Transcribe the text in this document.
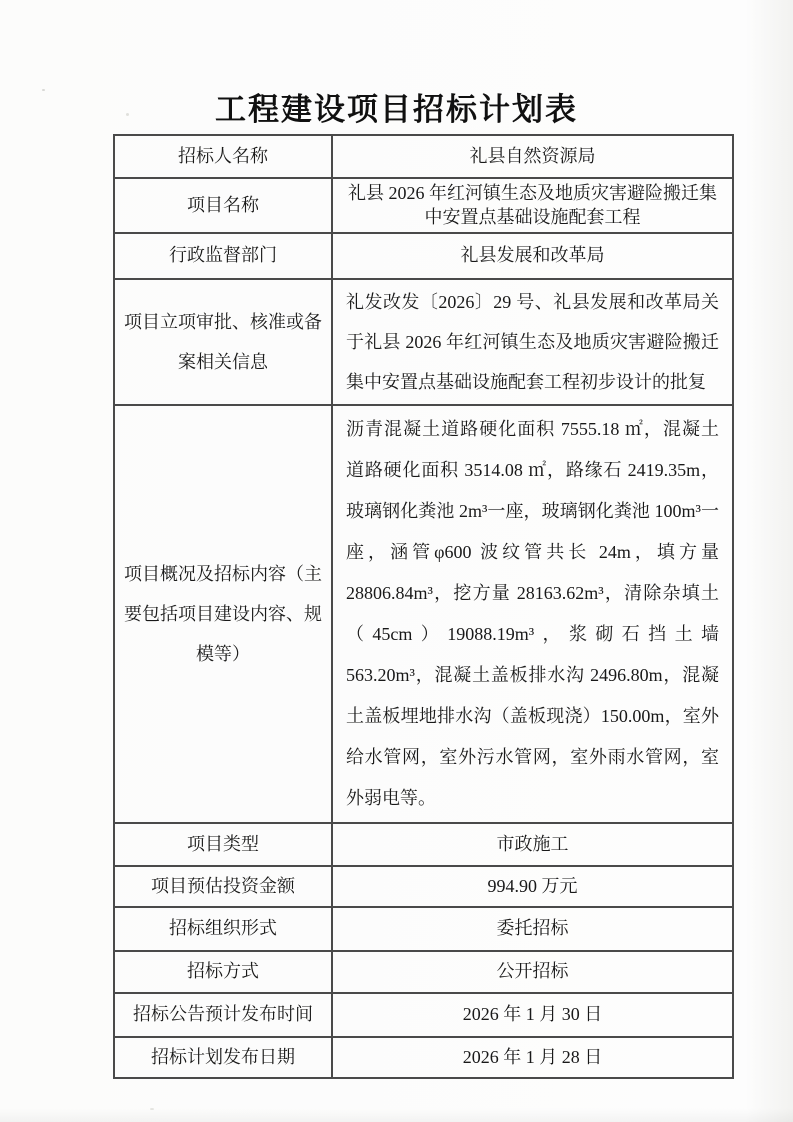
工程建设项目招标计划表
招标人名称	礼县自然资源局
项目名称	礼县 2026 年红河镇生态及地质灾害避险搬迁集中安置点基础设施配套工程
行政监督部门	礼县发展和改革局
项目立项审批、核准或备案相关信息	礼发改发〔2026〕29 号、礼县发展和改革局关于礼县 2026 年红河镇生态及地质灾害避险搬迁集中安置点基础设施配套工程初步设计的批复
项目概况及招标内容（主要包括项目建设内容、规模等）	沥青混凝土道路硬化面积 7555.18 ㎡，混凝土道路硬化面积 3514.08 ㎡，路缘石 2419.35m，玻璃钢化粪池 2m³一座，玻璃钢化粪池 100m³一座，涵管φ600 波纹管共长 24m，填方量 28806.84m³，挖方量 28163.62m³，清除杂填土（45cm）19088.19m³，浆砌石挡土墙 563.20m³，混凝土盖板排水沟 2496.80m，混凝土盖板埋地排水沟（盖板现浇）150.00m，室外给水管网，室外污水管网，室外雨水管网，室外弱电等。
项目类型	市政施工
项目预估投资金额	994.90 万元
招标组织形式	委托招标
招标方式	公开招标
招标公告预计发布时间	2026 年 1 月 30 日
招标计划发布日期	2026 年 1 月 28 日
